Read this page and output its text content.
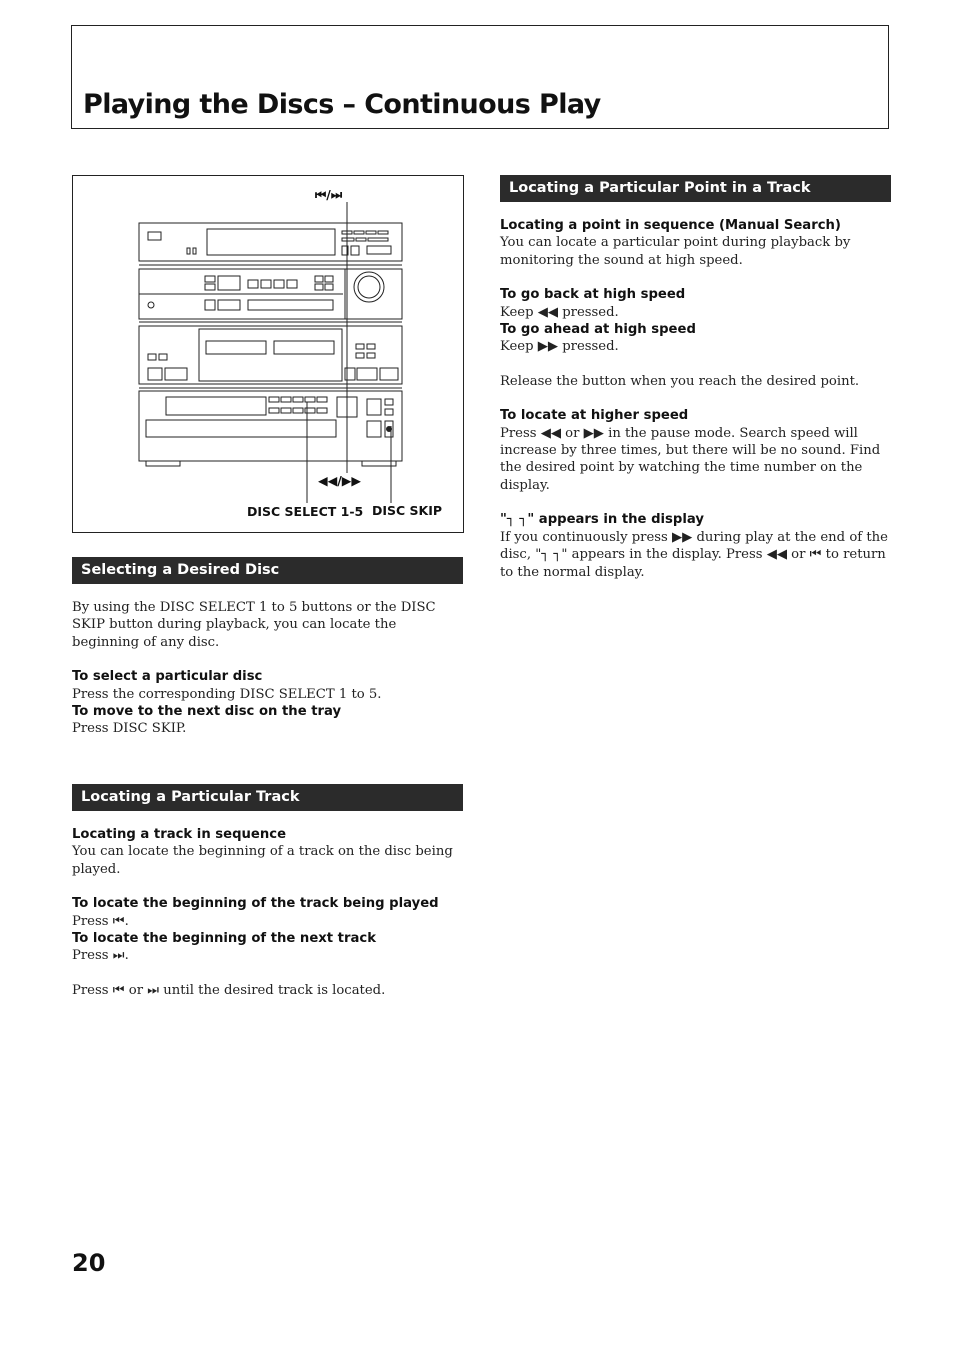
Playing the Discs – Continuous Play
⏮/⏭
◀◀/▶▶
DISC SELECT 1-5 DISC SKIP
Selecting a Desired Disc

By using the DISC SELECT 1 to 5 buttons or the DISC SKIP button during playback, you can locate the beginning of any disc.

To select a particular disc

Press the corresponding DISC SELECT 1 to 5.

To move to the next disc on the tray

Press DISC SKIP.

Locating a Particular Track

Locating a track in sequence

You can locate the beginning of a track on the disc being played.

To locate the beginning of the track being played

Press ⏮.

To locate the beginning of the next track

Press ⏭.

Press ⏮ or ⏭ until the desired track is located.

Locating a Particular Point in a Track

Locating a point in sequence (Manual Search)

You can locate a particular point during playback by monitoring the sound at high speed.

To go back at high speed

Keep ◀◀ pressed.

To go ahead at high speed

Keep ▶▶ pressed.

Release the button when you reach the desired point.

To locate at higher speed

Press ◀◀ or ▶▶ in the pause mode. Search speed will increase by three times, but there will be no sound. Find the desired point by watching the time number on the display.

"┐ ┐" appears in the display

If you continuously press ▶▶ during play at the end of the disc, "┐ ┐" appears in the display. Press ◀◀ or ⏮ to return to the normal display.

20
